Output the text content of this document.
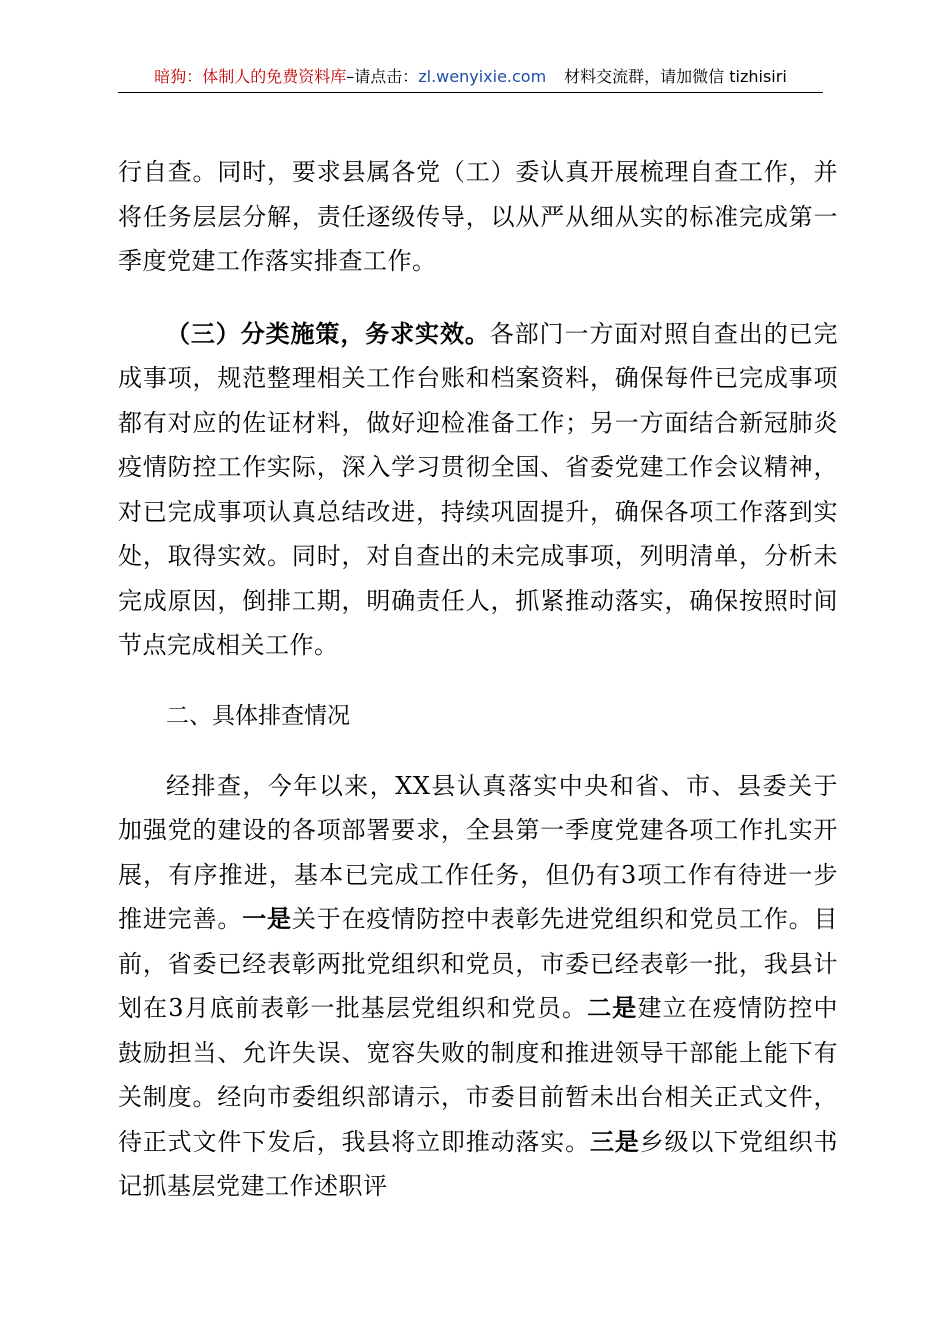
暗狗：体制人的免费资料库–请点击：zl.wenyixie.com 材料交流群，请加微信 tizhisiri

行自查。同时，要求县属各党（工）委认真开展梳理自查工作，并将任务层层分解，责任逐级传导，以从严从细从实的标准完成第一季度党建工作落实排查工作。

（三）分类施策，务求实效。各部门一方面对照自查出的已完成事项，规范整理相关工作台账和档案资料，确保每件已完成事项都有对应的佐证材料，做好迎检准备工作；另一方面结合新冠肺炎疫情防控工作实际，深入学习贯彻全国、省委党建工作会议精神，对已完成事项认真总结改进，持续巩固提升，确保各项工作落到实处，取得实效。同时，对自查出的未完成事项，列明清单，分析未完成原因，倒排工期，明确责任人，抓紧推动落实，确保按照时间节点完成相关工作。

二、具体排查情况

经排查，今年以来，XX县认真落实中央和省、市、县委关于加强党的建设的各项部署要求，全县第一季度党建各项工作扎实开展，有序推进，基本已完成工作任务，但仍有3项工作有待进一步推进完善。一是关于在疫情防控中表彰先进党组织和党员工作。目前，省委已经表彰两批党组织和党员，市委已经表彰一批，我县计划在3月底前表彰一批基层党组织和党员。二是建立在疫情防控中鼓励担当、允许失误、宽容失败的制度和推进领导干部能上能下有关制度。经向市委组织部请示，市委目前暂未出台相关正式文件，待正式文件下发后，我县将立即推动落实。三是乡级以下党组织书记抓基层党建工作述职评
